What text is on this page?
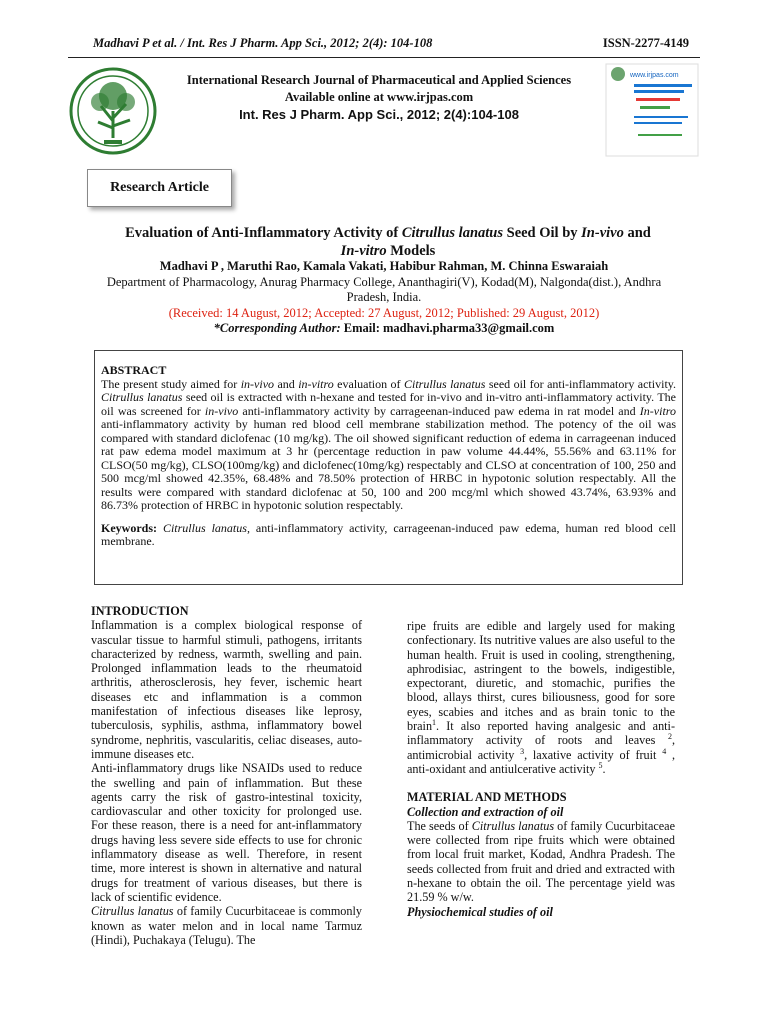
Madhavi P et al. / Int. Res J Pharm. App Sci., 2012; 2(4): 104-108	ISSN-2277-4149
International Research Journal of Pharmaceutical and Applied Sciences
Available online at www.irjpas.com
Int. Res J Pharm. App Sci., 2012; 2(4):104-108
www.irjpas.com
Research Article
Evaluation of Anti-Inflammatory Activity of Citrullus lanatus Seed Oil by In-vivo and
In-vitro Models
Madhavi P , Maruthi Rao, Kamala Vakati, Habibur Rahman, M. Chinna Eswaraiah
Department of Pharmacology, Anurag Pharmacy College, Ananthagiri(V), Kodad(M), Nalgonda(dist.), Andhra
Pradesh, India.
(Received: 14 August, 2012; Accepted: 27 August, 2012; Published: 29 August, 2012)
*Corresponding Author: Email: madhavi.pharma33@gmail.com
ABSTRACT

The present study aimed for in-vivo and in-vitro evaluation of Citrullus lanatus seed oil for anti-inflammatory activity. Citrullus lanatus seed oil is extracted with n-hexane and tested for in-vivo and in-vitro anti-inflammatory activity. The oil was screened for in-vivo anti-inflammatory activity by carrageenan-induced paw edema in rat model and In-vitro anti-inflammatory activity by human red blood cell membrane stabilization method. The potency of the oil was compared with standard diclofenac (10 mg/kg). The oil showed significant reduction of edema in carrageenan induced rat paw edema model maximum at 3 hr (percentage reduction in paw volume 44.44%, 55.56% and 63.11% for CLSO(50 mg/kg), CLSO(100mg/kg) and diclofenec(10mg/kg) respectably and CLSO at concentration of 100, 250 and 500 mcg/ml showed 42.35%, 68.48% and 78.50% protection of HRBC in hypotonic solution respectably. All the results were compared with standard diclofenac at 50, 100 and 200 mcg/ml which showed 43.74%, 63.93% and 86.73% protection of HRBC in hypotonic solution respectably.

Keywords: Citrullus lanatus, anti-inflammatory activity, carrageenan-induced paw edema, human red blood cell membrane.

INTRODUCTION

Inflammation is a complex biological response of vascular tissue to harmful stimuli, pathogens, irritants characterized by redness, warmth, swelling and pain. Prolonged inflammation leads to the rheumatoid arthritis, atherosclerosis, hey fever, ischemic heart diseases etc and inflammation is a common manifestation of infectious diseases like leprosy, tuberculosis, syphilis, asthma, inflammatory bowel syndrome, nephritis, vascularitis, celiac diseases, auto-immune diseases etc.

Anti-inflammatory drugs like NSAIDs used to reduce the swelling and pain of inflammation. But these agents carry the risk of gastro-intestinal toxicity, cardiovascular and other toxicity for prolonged use. For these reason, there is a need for ant-inflammatory drugs having less severe side effects to use for chronic inflammatory disease as well. Therefore, in resent time, more interest is shown in alternative and natural drugs for treatment of various diseases, but there is lack of scientific evidence.

Citrullus lanatus of family Cucurbitaceae is commonly known as water melon and in local name Tarmuz (Hindi), Puchakaya (Telugu). The

ripe fruits are edible and largely used for making confectionary. Its nutritive values are also useful to the human health. Fruit is used in cooling, strengthening, aphrodisiac, astringent to the bowels, indigestible, expectorant, diuretic, and stomachic, purifies the blood, allays thirst, cures biliousness, good for sore eyes, scabies and itches and as brain tonic to the brain$^1$. It also reported having analgesic and anti-inflammatory activity of roots and leaves $^2$, antimicrobial activity $^3$, laxative activity of fruit $^4$ , anti-oxidant and antiulcerative activity $^5$.

MATERIAL AND METHODS
Collection and extraction of oil

The seeds of Citrullus lanatus of family Cucurbitaceae were collected from ripe fruits which were obtained from local fruit market, Kodad, Andhra Pradesh. The seeds collected from fruit and dried and extracted with n-hexane to obtain the oil. The percentage yield was 21.59 % w/w.

Physiochemical studies of oil
